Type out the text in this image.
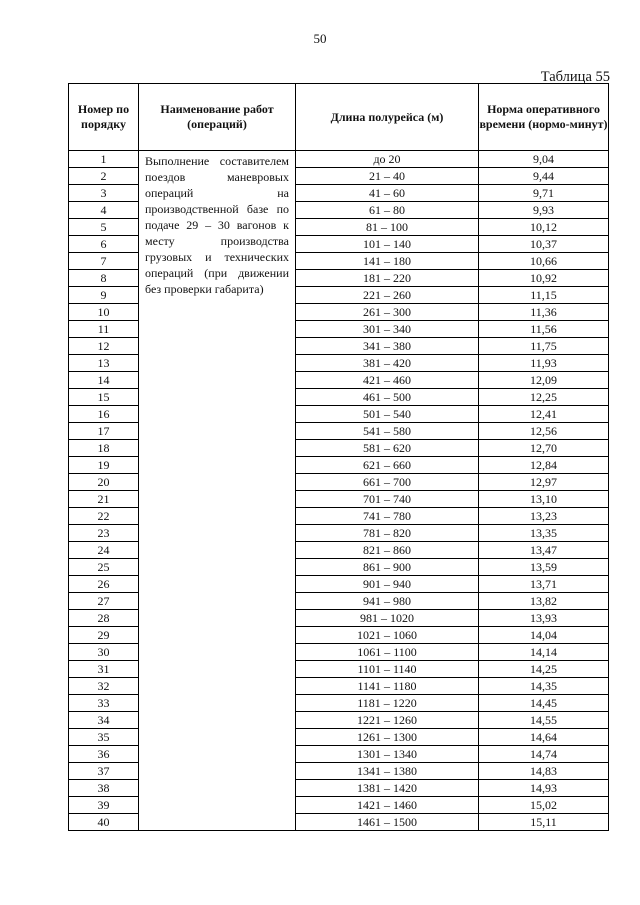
50
Таблица 55
Номер по порядку	Наименование работ (операций)	Длина полурейса (м)	Норма оперативного времени (нормо-минут)
1	Выполнение составителем поездов маневровых операций на производственной базе по подаче 29 – 30 вагонов к месту производства грузовых и технических операций (при движении без проверки габарита)	до 20	9,04
2		21 – 40	9,44
3		41 – 60	9,71
4		61 – 80	9,93
5		81 – 100	10,12
6		101 – 140	10,37
7		141 – 180	10,66
8		181 – 220	10,92
9		221 – 260	11,15
10		261 – 300	11,36
11		301 – 340	11,56
12		341 – 380	11,75
13		381 – 420	11,93
14		421 – 460	12,09
15		461 – 500	12,25
16		501 – 540	12,41
17		541 – 580	12,56
18		581 – 620	12,70
19		621 – 660	12,84
20		661 – 700	12,97
21		701 – 740	13,10
22		741 – 780	13,23
23		781 – 820	13,35
24		821 – 860	13,47
25		861 – 900	13,59
26		901 – 940	13,71
27		941 – 980	13,82
28		981 – 1020	13,93
29		1021 – 1060	14,04
30		1061 – 1100	14,14
31		1101 – 1140	14,25
32		1141 – 1180	14,35
33		1181 – 1220	14,45
34		1221 – 1260	14,55
35		1261 – 1300	14,64
36		1301 – 1340	14,74
37		1341 – 1380	14,83
38		1381 – 1420	14,93
39		1421 – 1460	15,02
40		1461 – 1500	15,11
